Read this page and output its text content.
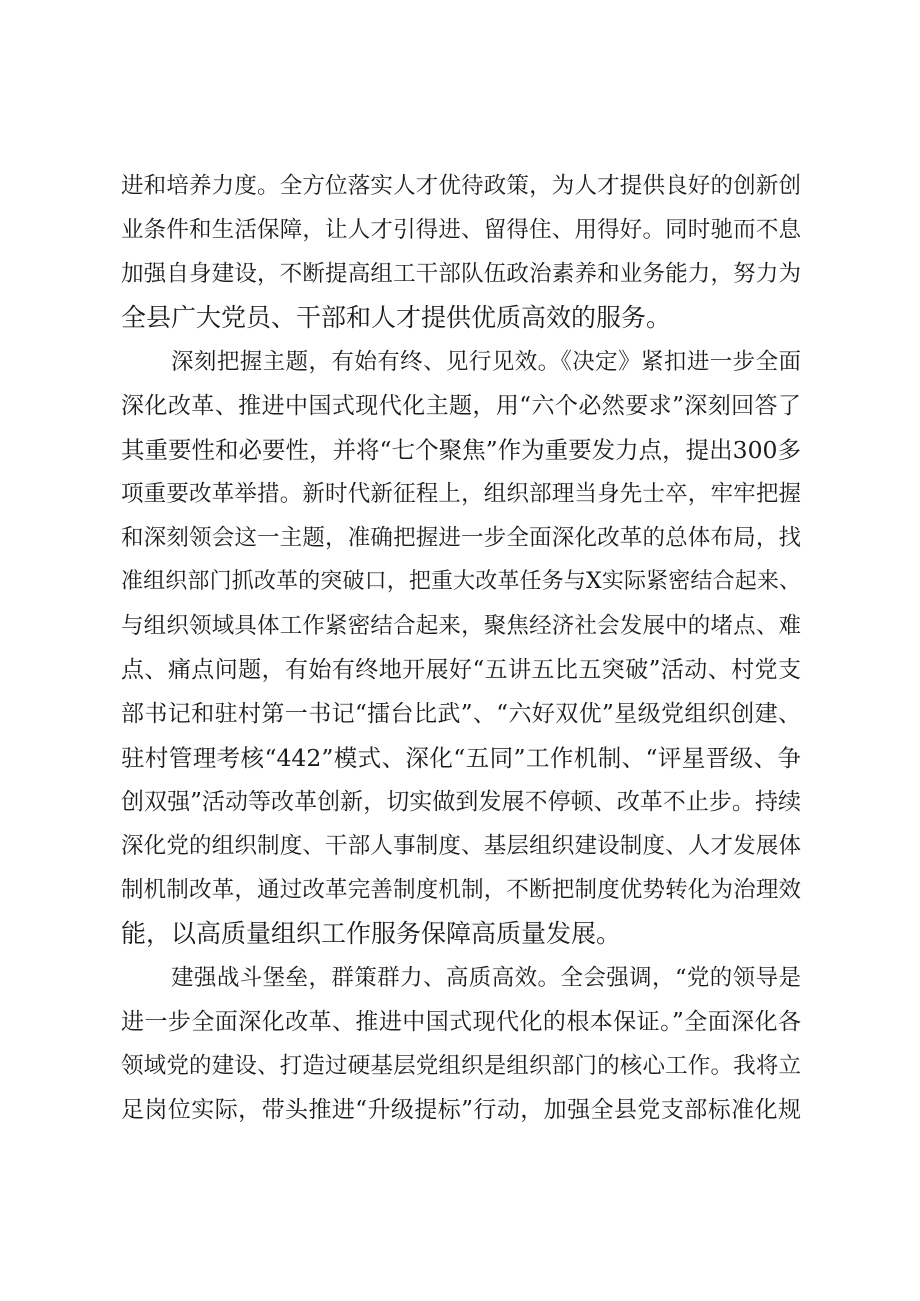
进和培养力度。全方位落实人才优待政策，为人才提供良好的创新创
业条件和生活保障，让人才引得进、留得住、用得好。同时驰而不息
加强自身建设，不断提高组工干部队伍政治素养和业务能力，努力为
全县广大党员、干部和人才提供优质高效的服务。
深刻把握主题，有始有终、见行见效。《决定》紧扣进一步全面
深化改革、推进中国式现代化主题，用“六个必然要求”深刻回答了
其重要性和必要性，并将“七个聚焦”作为重要发力点，提出300多
项重要改革举措。新时代新征程上，组织部理当身先士卒，牢牢把握
和深刻领会这一主题，准确把握进一步全面深化改革的总体布局，找
准组织部门抓改革的突破口，把重大改革任务与X实际紧密结合起来、
与组织领域具体工作紧密结合起来，聚焦经济社会发展中的堵点、难
点、痛点问题，有始有终地开展好“五讲五比五突破”活动、村党支
部书记和驻村第一书记“擂台比武”、“六好双优”星级党组织创建、
驻村管理考核“442”模式、深化“五同”工作机制、“评星晋级、争
创双强”活动等改革创新，切实做到发展不停顿、改革不止步。持续
深化党的组织制度、干部人事制度、基层组织建设制度、人才发展体
制机制改革，通过改革完善制度机制，不断把制度优势转化为治理效
能，以高质量组织工作服务保障高质量发展。
建强战斗堡垒，群策群力、高质高效。全会强调，“党的领导是
进一步全面深化改革、推进中国式现代化的根本保证。”全面深化各
领域党的建设、打造过硬基层党组织是组织部门的核心工作。我将立
足岗位实际，带头推进“升级提标”行动，加强全县党支部标准化规
